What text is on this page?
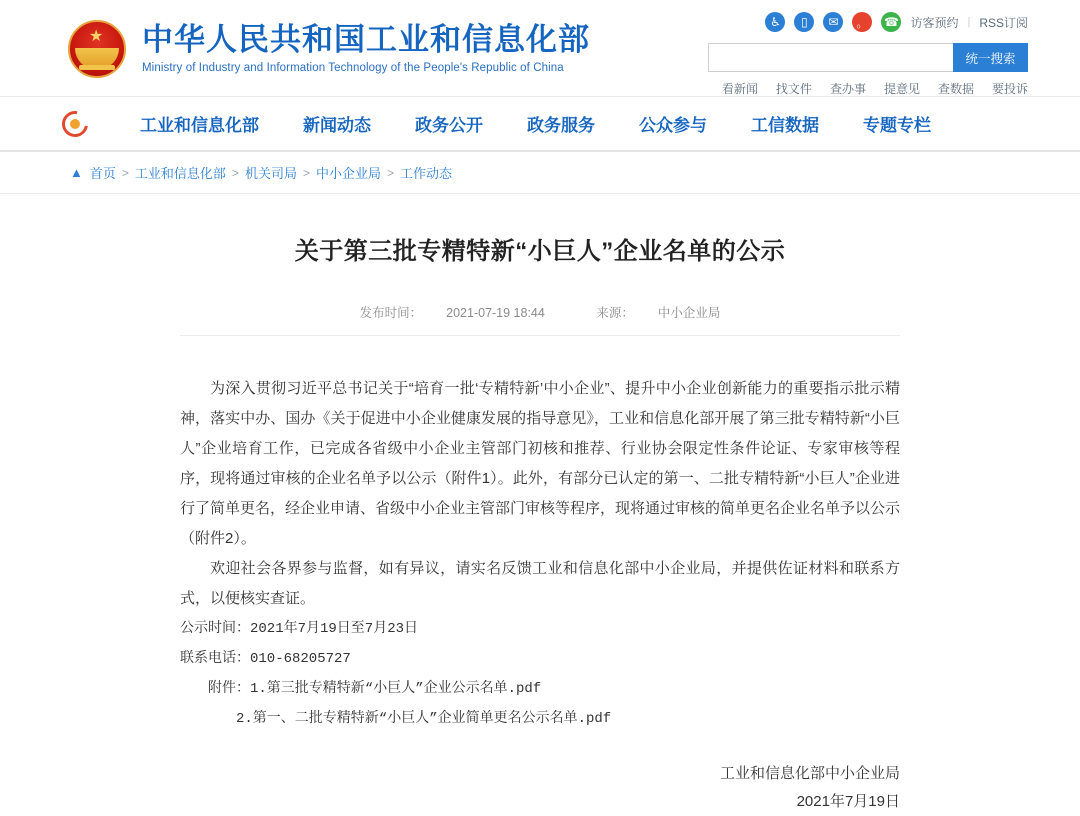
★ 中华人民共和国工业和信息化部
Ministry of Industry and Information Technology of the People's Republic of China
♿	▯	✉	。	☎ 访客预约 | RSS订阅
统一搜索
看新闻 找文件 查办事 提意见 查数据 要投诉
工业和信息化部	新闻动态	政务公开	政务服务	公众参与	工信数据	专题专栏
▲ 首页 > 工业和信息化部 > 机关司局 > 中小企业局 > 工作动态
关于第三批专精特新“小巨人”企业名单的公示
发布时间： 2021-07-19 18:44	来源： 中小企业局

为深入贯彻习近平总书记关于“培育一批‘专精特新’中小企业”、提升中小企业创新能力的重要指示批示精神，落实中办、国办《关于促进中小企业健康发展的指导意见》，工业和信息化部开展了第三批专精特新“小巨人”企业培育工作，已完成各省级中小企业主管部门初核和推荐、行业协会限定性条件论证、专家审核等程序，现将通过审核的企业名单予以公示（附件1）。此外，有部分已认定的第一、二批专精特新“小巨人”企业进行了简单更名，经企业申请、省级中小企业主管部门审核等程序，现将通过审核的简单更名企业名单予以公示（附件2）。

欢迎社会各界参与监督，如有异议，请实名反馈工业和信息化部中小企业局，并提供佐证材料和联系方式，以便核实查证。

公示时间：2021年7月19日至7月23日

联系电话：010-68205727

附件：1.第三批专精特新“小巨人”企业公示名单.pdf

2.第一、二批专精特新“小巨人”企业简单更名公示名单.pdf

工业和信息化部中小企业局
2021年7月19日
